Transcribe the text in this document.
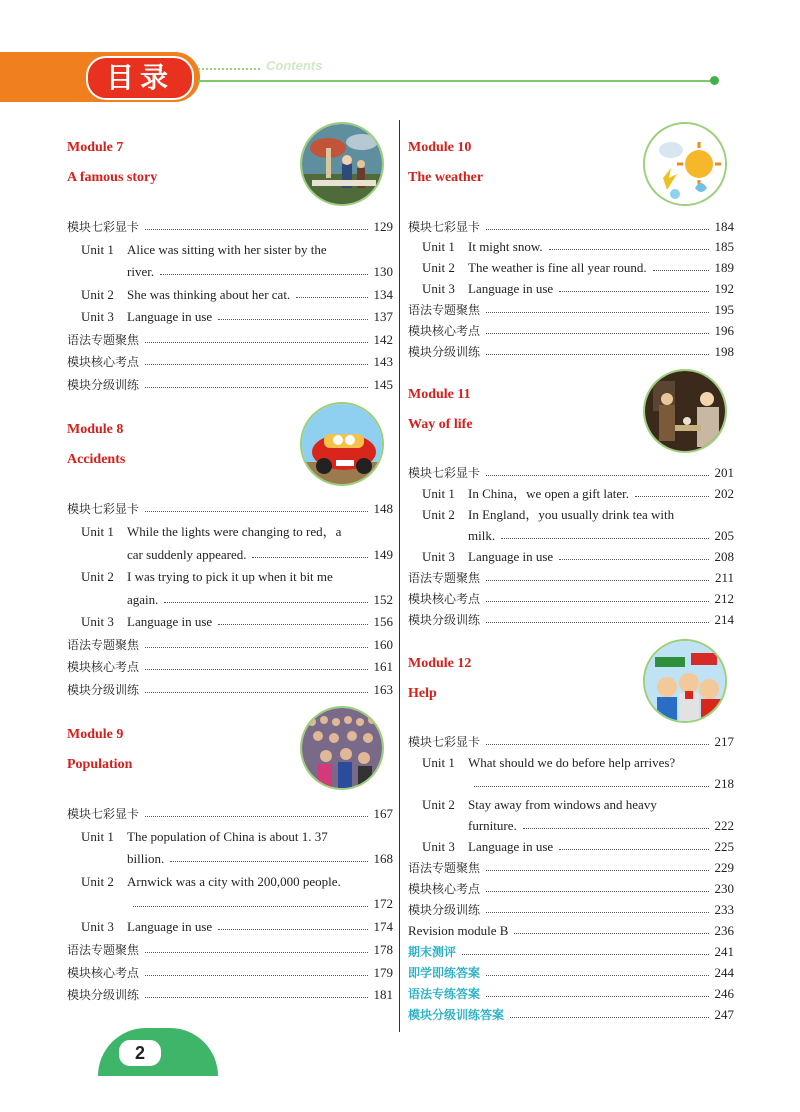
目录	Contents
Module 7
A famous story
模块七彩显卡	129
Unit 1 Alice was sitting with her sister by the
river.	130
Unit 2	She was thinking about her cat.	134
Unit 3	Language in use	137
语法专题聚焦	142
模块核心考点	143
模块分级训练	145
Module 8
Accidents
模块七彩显卡	148
Unit 1 While the lights were changing to red，a
car suddenly appeared.	149
Unit 2 I was trying to pick it up when it bit me
again.	152
Unit 3	Language in use	156
语法专题聚焦	160
模块核心考点	161
模块分级训练	163
Module 9
Population
模块七彩显卡	167
Unit 1 The population of China is about 1. 37
billion.	168
Unit 2 Arnwick was a city with 200,000 people.
172
Unit 3	Language in use	174
语法专题聚焦	178
模块核心考点	179
模块分级训练	181
Module 10
The weather
模块七彩显卡	184
Unit 1	It might snow.	185
Unit 2	The weather is fine all year round.	189
Unit 3	Language in use	192
语法专题聚焦	195
模块核心考点	196
模块分级训练	198
Module 11
Way of life
模块七彩显卡	201
Unit 1	In China，we open a gift later.	202
Unit 2 In England，you usually drink tea with
milk.	205
Unit 3	Language in use	208
语法专题聚焦	211
模块核心考点	212
模块分级训练	214
Module 12
Help
模块七彩显卡	217
Unit 1 What should we do before help arrives?
218
Unit 2 Stay away from windows and heavy
furniture.	222
Unit 3	Language in use	225
语法专题聚焦	229
模块核心考点	230
模块分级训练	233
Revision module B	236
期末测评	241
即学即练答案	244
语法专练答案	246
模块分级训练答案	247
2
